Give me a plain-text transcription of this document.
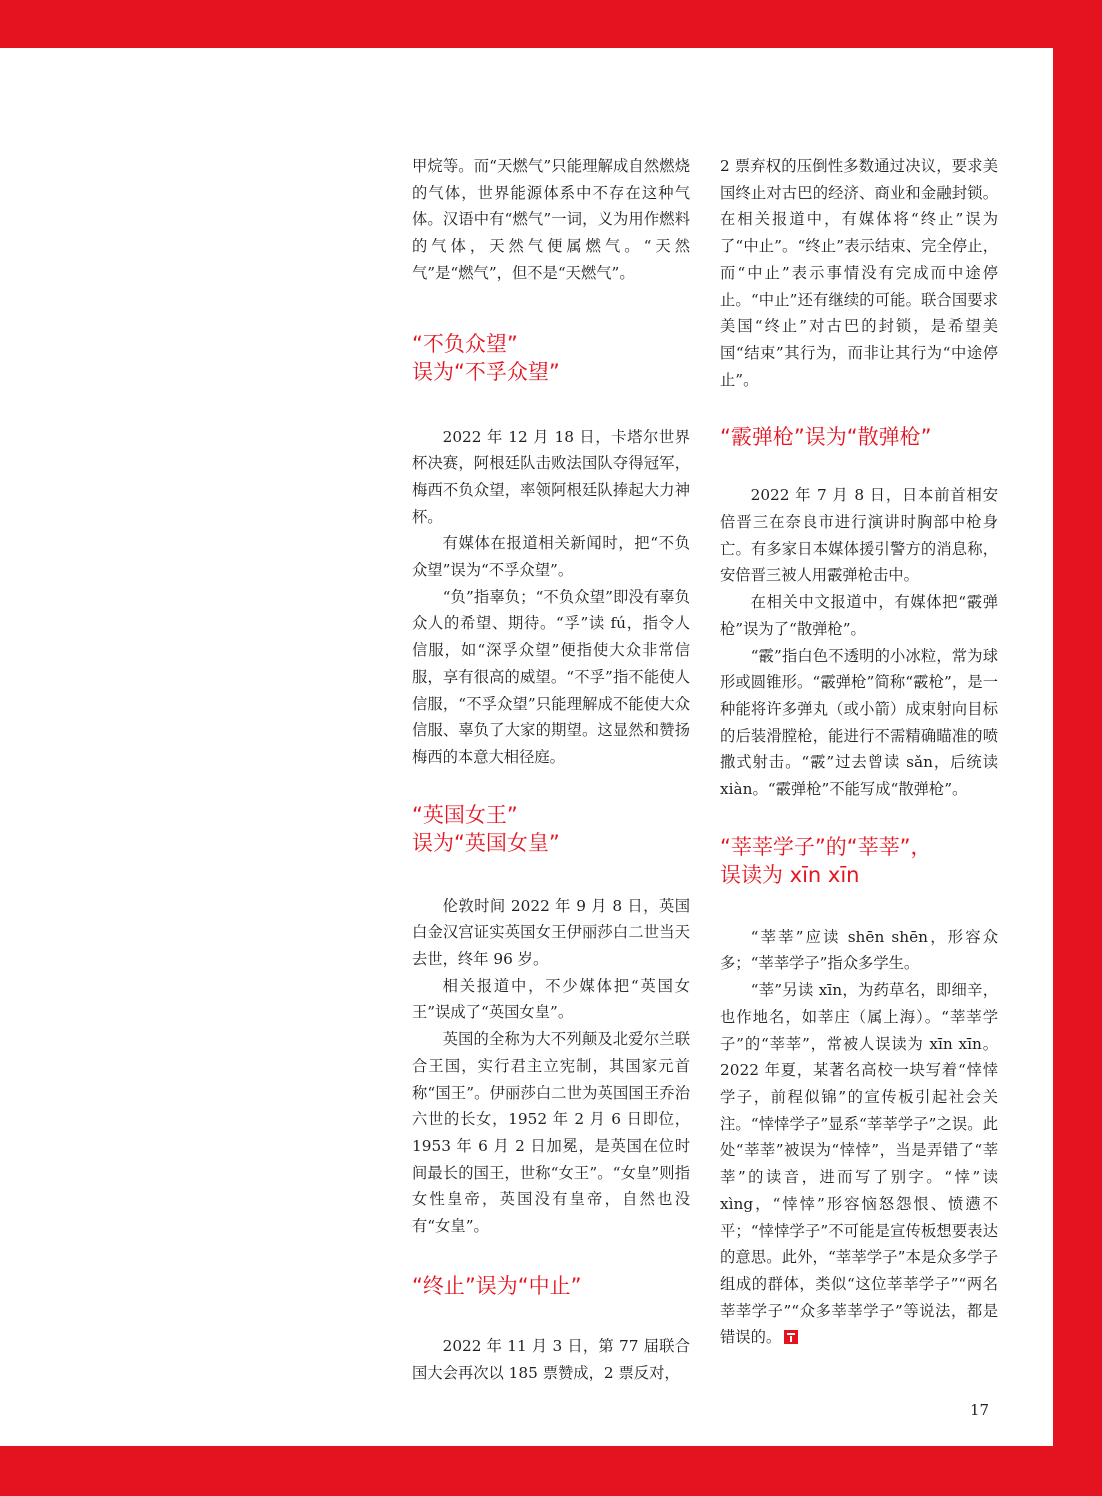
甲烷等。而“天燃气”只能理解成自然燃烧的气体，世界能源体系中不存在这种气体。汉语中有“燃气”一词，义为用作燃料的气体，天然气便属燃气。“天然气”是“燃气”，但不是“天燃气”。

“不负众望”
误为“不孚众望”

2022 年 12 月 18 日，卡塔尔世界杯决赛，阿根廷队击败法国队夺得冠军，梅西不负众望，率领阿根廷队捧起大力神杯。

有媒体在报道相关新闻时，把“不负众望”误为“不孚众望”。

“负”指辜负；“不负众望”即没有辜负众人的希望、期待。“孚”读 fú，指令人信服，如“深孚众望”便指使大众非常信服，享有很高的威望。“不孚”指不能使人信服，“不孚众望”只能理解成不能使大众信服、辜负了大家的期望。这显然和赞扬梅西的本意大相径庭。

“英国女王”
误为“英国女皇”

伦敦时间 2022 年 9 月 8 日，英国白金汉宫证实英国女王伊丽莎白二世当天去世，终年 96 岁。

相关报道中，不少媒体把“英国女王”误成了“英国女皇”。

英国的全称为大不列颠及北爱尔兰联合王国，实行君主立宪制，其国家元首称“国王”。伊丽莎白二世为英国国王乔治六世的长女，1952 年 2 月 6 日即位，1953 年 6 月 2 日加冕，是英国在位时间最长的国王，世称“女王”。“女皇”则指女性皇帝，英国没有皇帝，自然也没有“女皇”。

“终止”误为“中止”

2022 年 11 月 3 日，第 77 届联合国大会再次以 185 票赞成，2 票反对，

2 票弃权的压倒性多数通过决议，要求美国终止对古巴的经济、商业和金融封锁。在相关报道中，有媒体将“终止”误为了“中止”。“终止”表示结束、完全停止，而“中止”表示事情没有完成而中途停止。“中止”还有继续的可能。联合国要求美国“终止”对古巴的封锁，是希望美国“结束”其行为，而非让其行为“中途停止”。

“霰弹枪”误为“散弹枪”

2022 年 7 月 8 日，日本前首相安倍晋三在奈良市进行演讲时胸部中枪身亡。有多家日本媒体援引警方的消息称，安倍晋三被人用霰弹枪击中。

在相关中文报道中，有媒体把“霰弹枪”误为了“散弹枪”。

“霰”指白色不透明的小冰粒，常为球形或圆锥形。“霰弹枪”简称“霰枪”，是一种能将许多弹丸（或小箭）成束射向目标的后装滑膛枪，能进行不需精确瞄准的喷撒式射击。“霰”过去曾读 sǎn，后统读 xiàn。“霰弹枪”不能写成“散弹枪”。

“莘莘学子”的“莘莘”，
误读为 xīn xīn

“莘莘”应读 shēn shēn，形容众多；“莘莘学子”指众多学生。

“莘”另读 xīn，为药草名，即细辛，也作地名，如莘庄（属上海）。“莘莘学子”的“莘莘”，常被人误读为 xīn xīn。2022 年夏，某著名高校一块写着“悻悻学子，前程似锦”的宣传板引起社会关注。“悻悻学子”显系“莘莘学子”之误。此处“莘莘”被误为“悻悻”，当是弄错了“莘莘”的读音，进而写了别字。“悻”读 xìng，“悻悻”形容恼怒怨恨、愤懑不平；“悻悻学子”不可能是宣传板想要表达的意思。此外，“莘莘学子”本是众多学子组成的群体，类似“这位莘莘学子”“两名莘莘学子”“众多莘莘学子”等说法，都是错误的。

17
